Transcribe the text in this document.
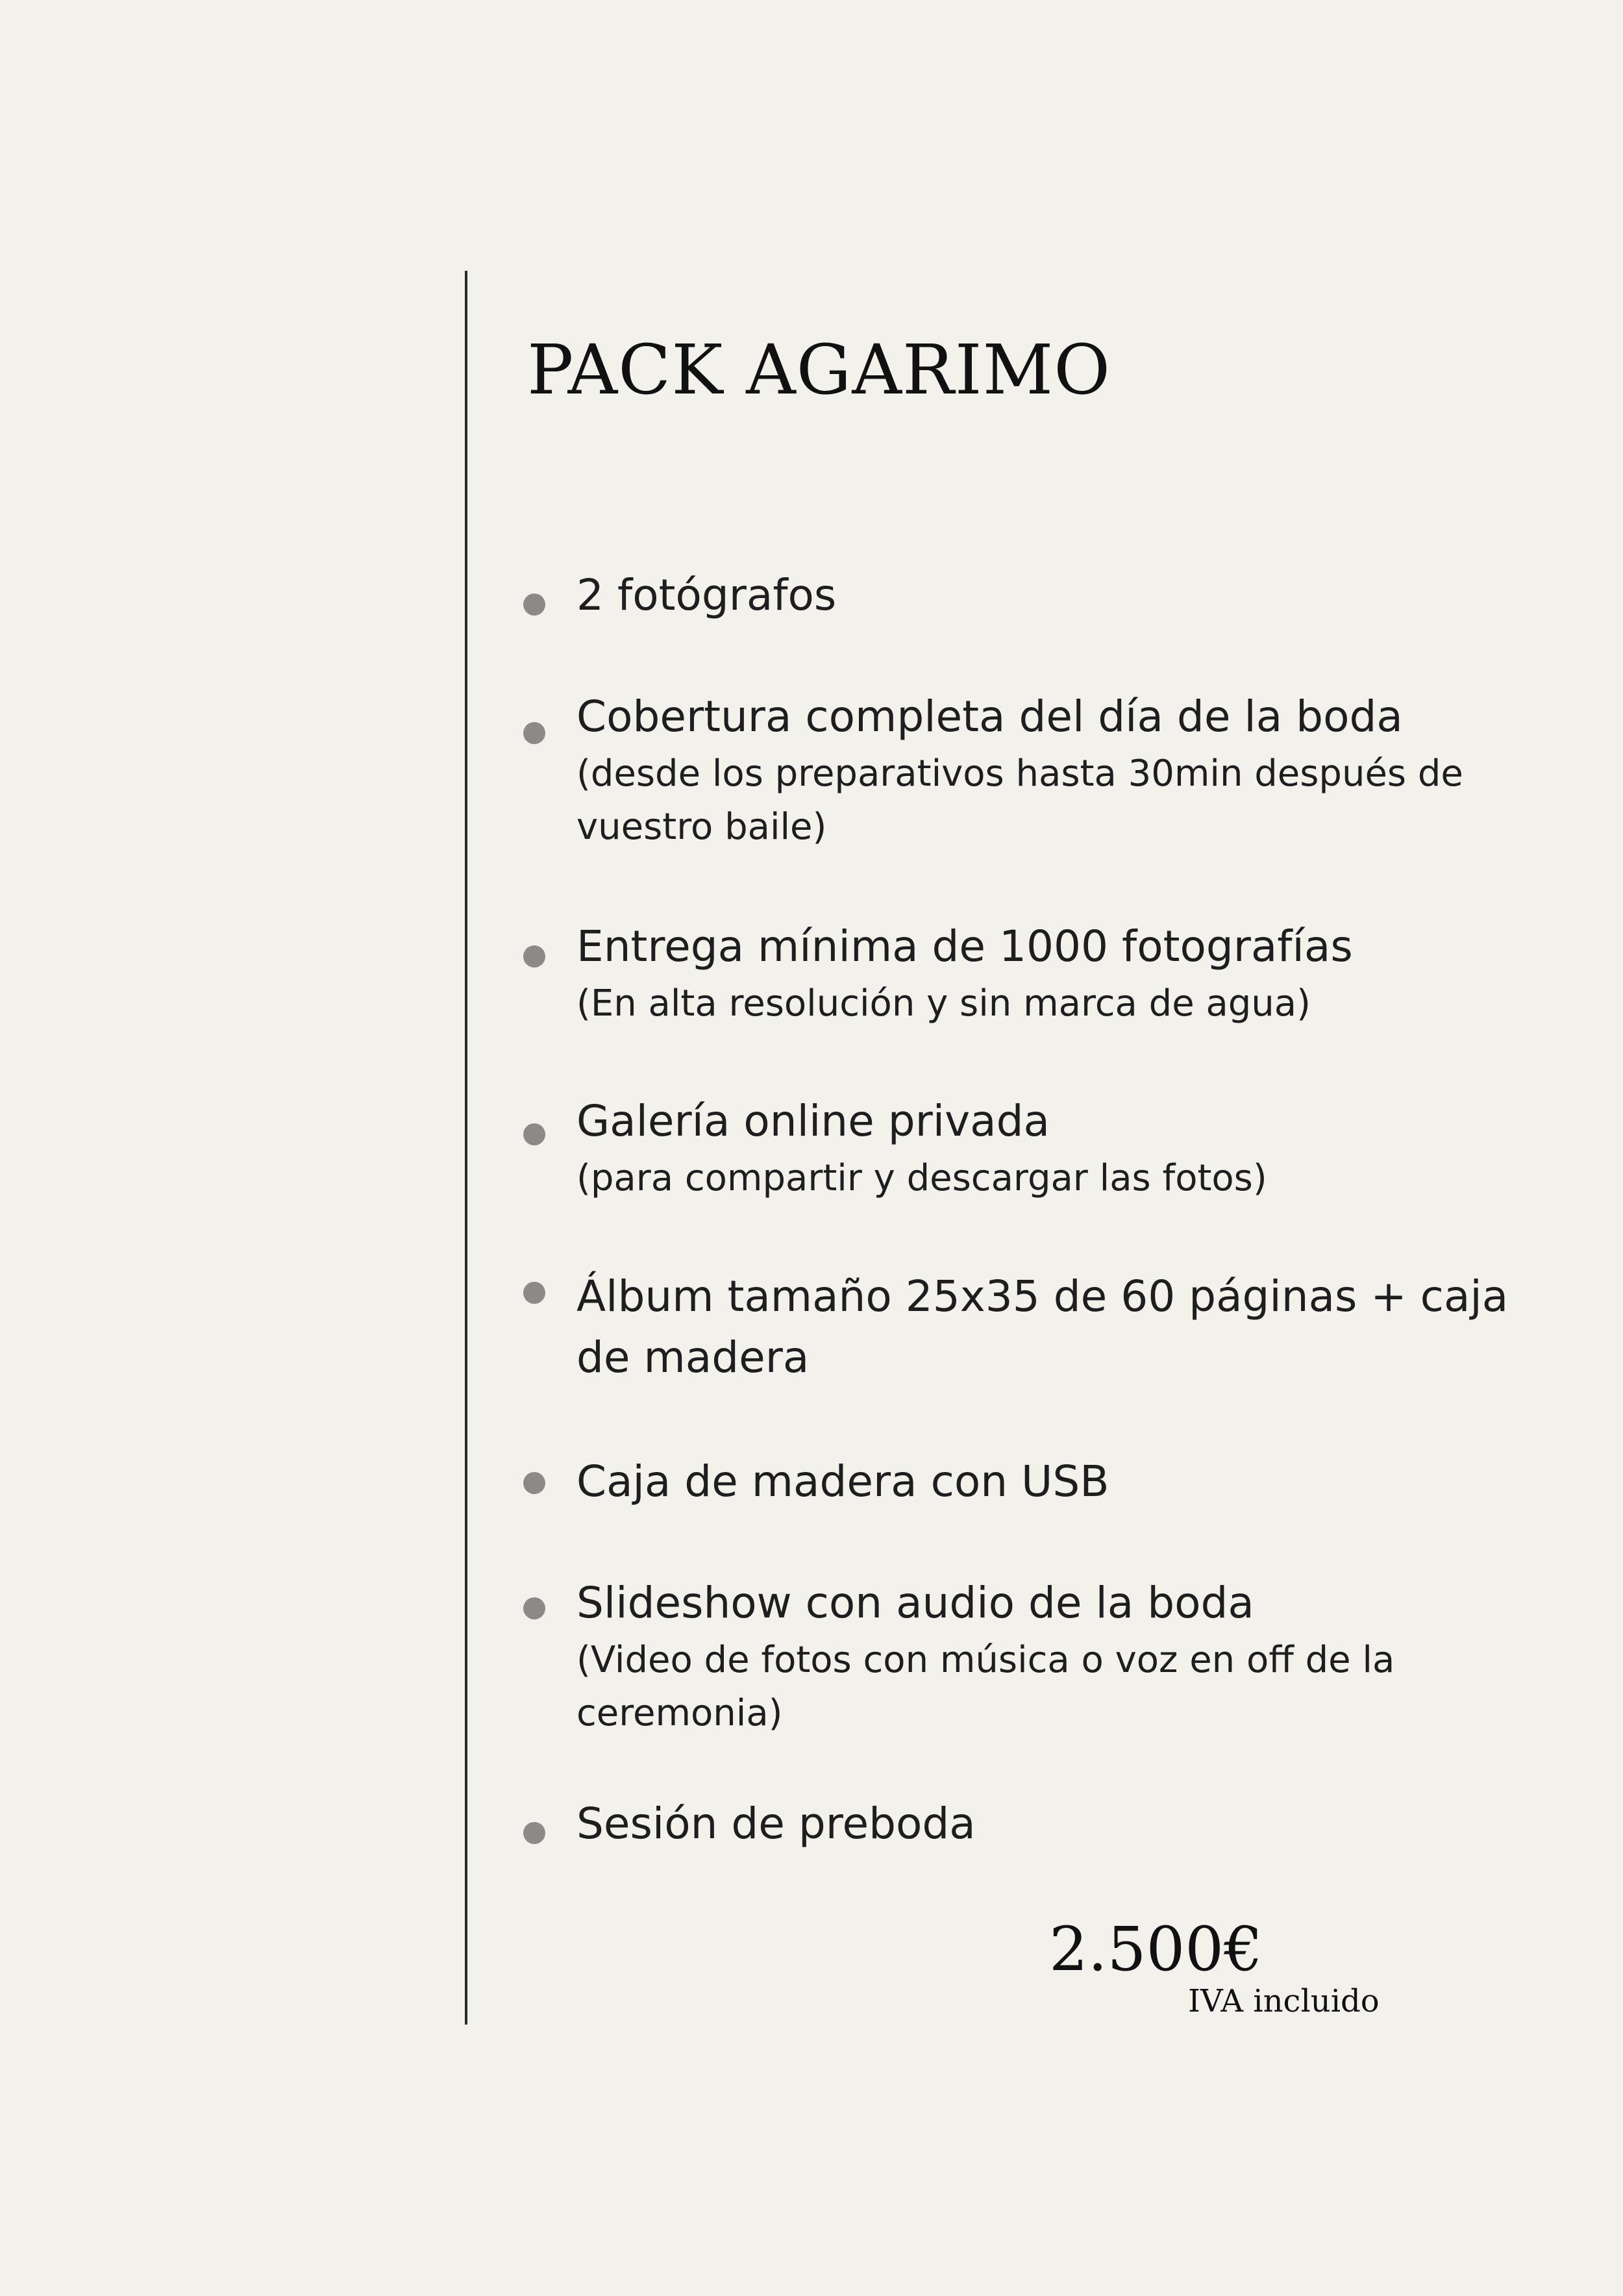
PACK AGARIMO

2 fotógrafos

Cobertura completa del día de la boda

(desde los preparativos hasta 30min después de vuestro baile)

Entrega mínima de 1000 fotografías

(En alta resolución y sin marca de agua)

Galería online privada

(para compartir y descargar las fotos)

Álbum tamaño 25x35 de 60 páginas + caja de madera

Caja de madera con USB

Slideshow con audio de la boda

(Video de fotos con música o voz en off de la ceremonia)

Sesión de preboda

2.500€
IVA incluido
